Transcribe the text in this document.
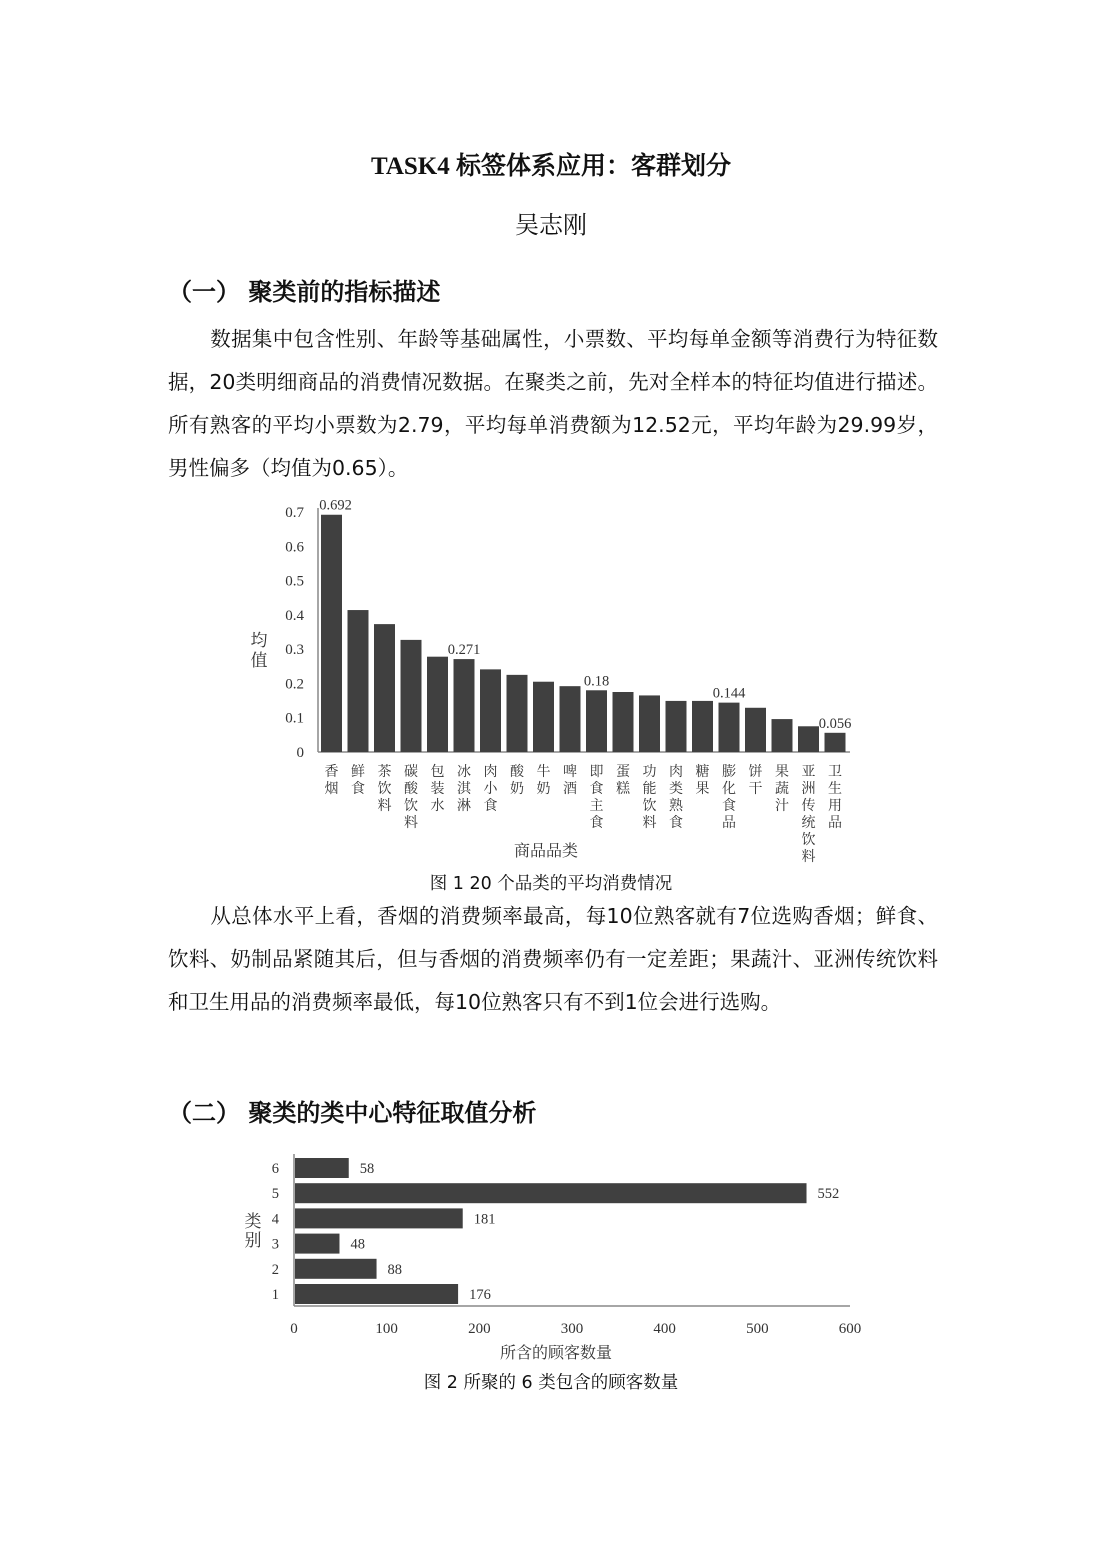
TASK4 标签体系应用：客群划分
吴志刚
（一） 聚类前的指标描述
数据集中包含性别、年龄等基础属性，小票数、平均每单金额等消费行为特征数据，20类明细商品的消费情况数据。在聚类之前，先对全样本的特征均值进行描述。所有熟客的平均小票数为2.79，平均每单消费额为12.52元，平均年龄为29.99岁，男性偏多（均值为0.65）。
0
0.1
0.2
0.3
0.4
0.5
0.6
0.7
均
值
0.692
香
烟
鲜
食
茶
饮
料
碳
酸
饮
料
包
装
水
0.271
冰
淇
淋
肉
小
食
酸
奶
牛
奶
啤
酒
0.18
即
食
主
食
蛋
糕
功
能
饮
料
肉
类
熟
食
糖
果
0.144
膨
化
食
品
饼
干
果
蔬
汁
亚
洲
传
统
饮
料
0.056
卫
生
用
品
商品品类
图 1 20 个品类的平均消费情况
从总体水平上看，香烟的消费频率最高，每10位熟客就有7位选购香烟；鲜食、饮料、奶制品紧随其后，但与香烟的消费频率仍有一定差距；果蔬汁、亚洲传统饮料和卫生用品的消费频率最低，每10位熟客只有不到1位会进行选购。
（二） 聚类的类中心特征取值分析
176
1
88
2
48
3
181
4
552
5
58
6
0	100	200	300	400	500	600
类
别
所含的顾客数量
图 2 所聚的 6 类包含的顾客数量
